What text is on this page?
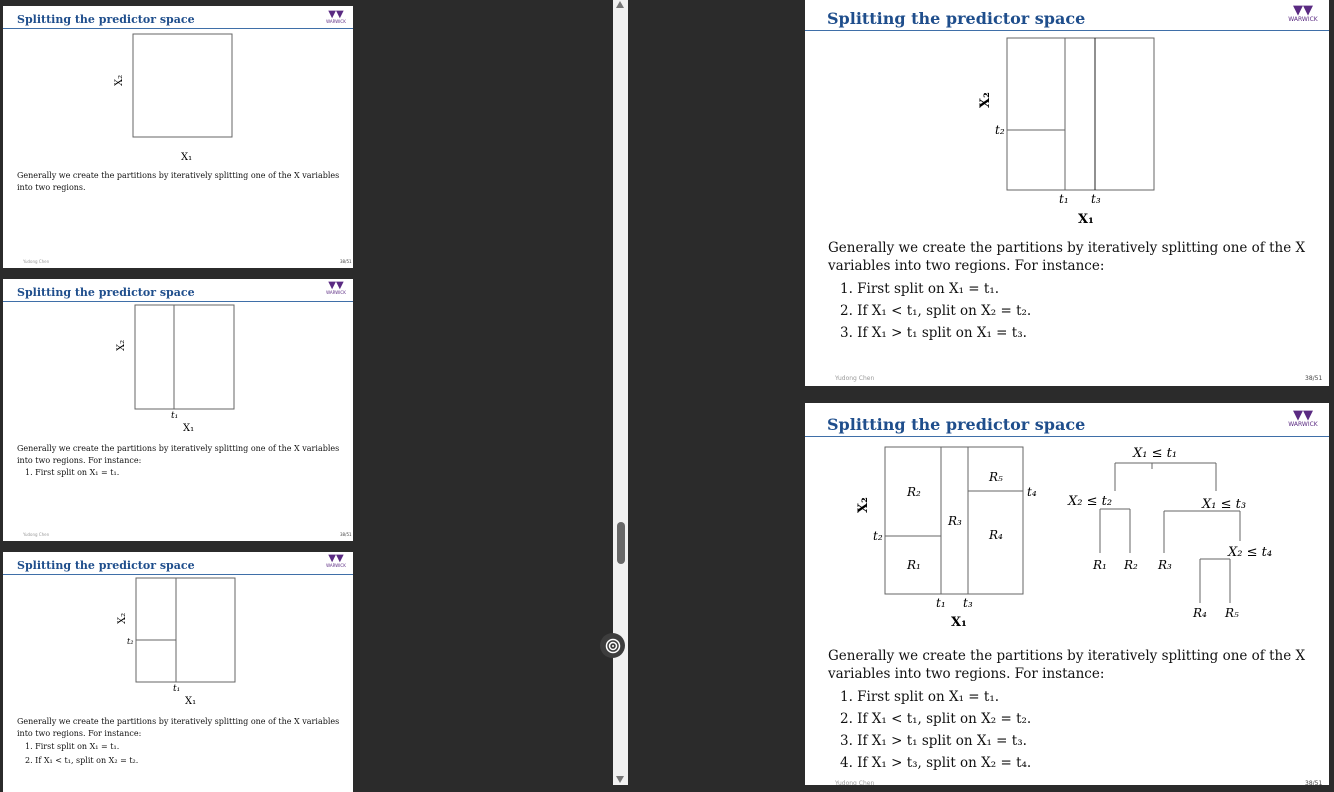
Splitting the predictor space	▼▼
WARWICK
X₂
X₁
Generally we create the partitions by iteratively splitting one of the X variables into two regions.
Yudong Chen	38/51
Splitting the predictor space
▼▼
WARWICK
X₂
t₁
X₁
Generally we create the partitions by iteratively splitting one of the X variables into two regions. For instance:
1. First split on X₁ = t₁.
Yudong Chen	38/51
Splitting the predictor space
▼▼
WARWICK
X₂
t₂
t₁
X₁
Generally we create the partitions by iteratively splitting one of the X variables into two regions. For instance:
1. First split on X₁ = t₁.
2. If X₁ < t₁, split on X₂ = t₂.
Splitting the predictor space	▼▼
WARWICK
X₂
t₂
t₁ t₃
X₁
Generally we create the partitions by iteratively splitting one of the X variables into two regions. For instance:
1. First split on X₁ = t₁.
2. If X₁ < t₁, split on X₂ = t₂.
3. If X₁ > t₁ split on X₁ = t₃.
Yudong Chen	38/51
Splitting the predictor space	▼▼
WARWICK
X₂
t₂
t₄
R₂
R₁
R₃
R₅
R₄
t₁ t₃
X₁
X₁ ≤ t₁
X₂ ≤ t₂
R₁ R₂
X₁ ≤ t₃
R₃
X₂ ≤ t₄
R₄ R₅
Generally we create the partitions by iteratively splitting one of the X variables into two regions. For instance:
1. First split on X₁ = t₁.
2. If X₁ < t₁, split on X₂ = t₂.
3. If X₁ > t₁ split on X₁ = t₃.
4. If X₁ > t₃, split on X₂ = t₄.
Yudong Chen	38/51
